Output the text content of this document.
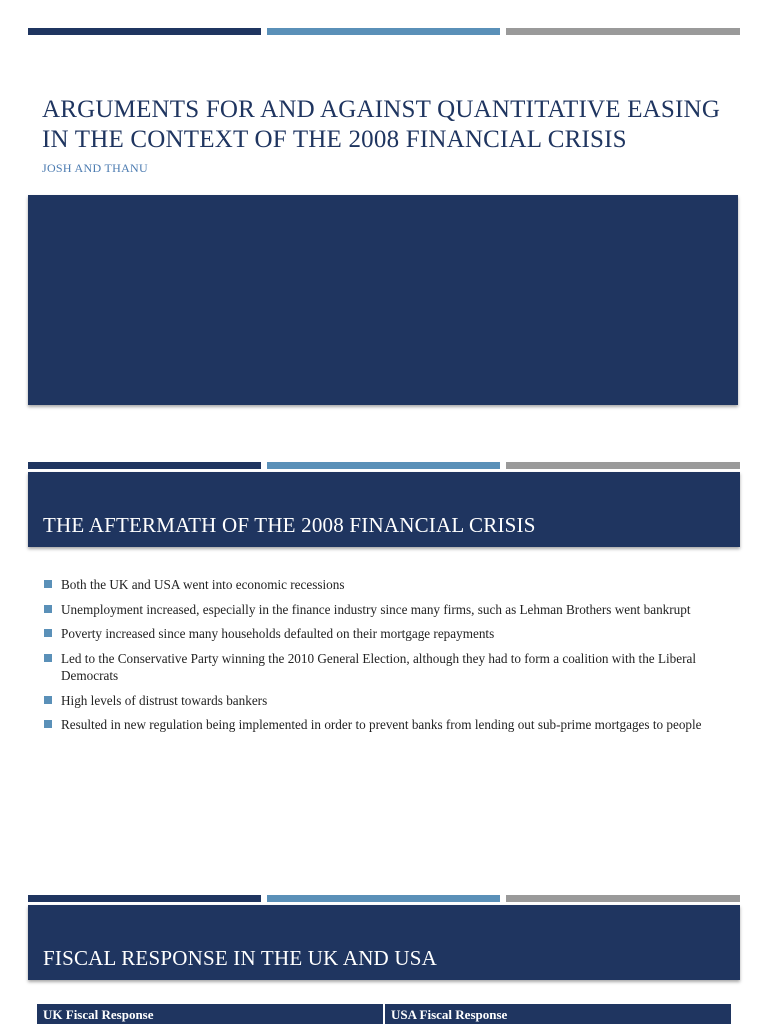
ARGUMENTS FOR AND AGAINST QUANTITATIVE EASING IN THE CONTEXT OF THE 2008 FINANCIAL CRISIS
JOSH AND THANU
THE AFTERMATH OF THE 2008 FINANCIAL CRISIS
Both the UK and USA went into economic recessions
Unemployment increased, especially in the finance industry since many firms, such as Lehman Brothers went bankrupt
Poverty increased since many households defaulted on their mortgage repayments
Led to the Conservative Party winning the 2010 General Election, although they had to form a coalition with the Liberal Democrats
High levels of distrust towards bankers
Resulted in new regulation being implemented in order to prevent banks from lending out sub-prime mortgages to people
FISCAL RESPONSE IN THE UK AND USA
UK Fiscal Response	USA Fiscal Response
